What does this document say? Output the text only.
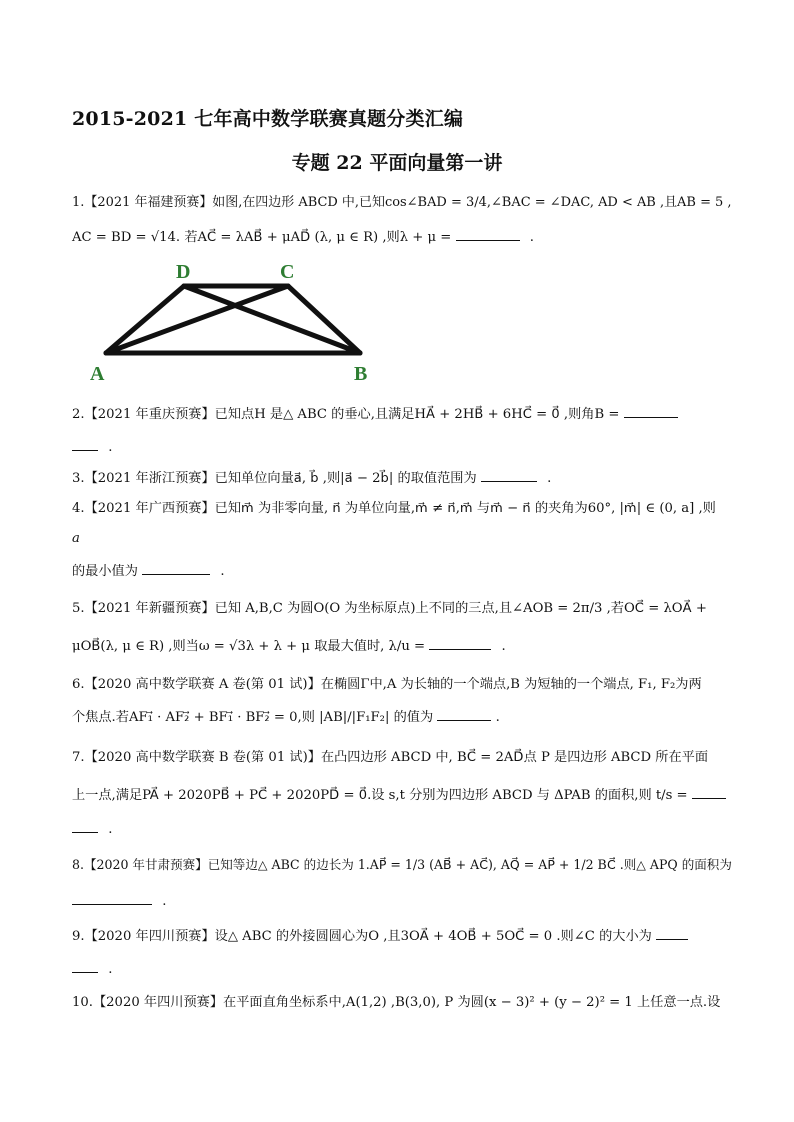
2015-2021 七年高中数学联赛真题分类汇编
专题 22 平面向量第一讲
1.【2021 年福建预赛】如图,在四边形 ABCD 中,已知cos∠BAD = 3/4,∠BAC = ∠DAC, AD < AB ,且AB = 5 ,
AC = BD = √14. 若AC⃗ = λAB⃗ + μAD⃗ (λ, μ ∈ R) ,则λ + μ =	.
D	C
A	B
2.【2021 年重庆预赛】已知点H 是△ ABC 的垂心,且满足HA⃗ + 2HB⃗ + 6HC⃗ = 0⃗ ,则角B =
.
3.【2021 年浙江预赛】已知单位向量a⃗, b⃗ ,则|a⃗ − 2b⃗| 的取值范围为	.
4.【2021 年广西预赛】已知m⃗ 为非零向量, n⃗ 为单位向量,m⃗ ≠ n⃗,m⃗ 与m⃗ − n⃗ 的夹角为60°, |m⃗| ∈ (0, a] ,则
a
的最小值为	.
5.【2021 年新疆预赛】已知 A,B,C 为圆O(O 为坐标原点)上不同的三点,且∠AOB = 2π/3 ,若OC⃗ = λOA⃗ +
μOB⃗(λ, μ ∈ R) ,则当ω = √3λ + λ + μ 取最大值时, λ/u =	.
6.【2020 高中数学联赛 A 卷(第 01 试)】在椭圆Γ中,A 为长轴的一个端点,B 为短轴的一个端点, F₁, F₂为两
个焦点.若AF₁⃗ · AF₂⃗ + BF₁⃗ · BF₂⃗ = 0,则 |AB|/|F₁F₂| 的值为	.
7.【2020 高中数学联赛 B 卷(第 01 试)】在凸四边形 ABCD 中, BC⃗ = 2AD⃗点 P 是四边形 ABCD 所在平面
上一点,满足PA⃗ + 2020PB⃗ + PC⃗ + 2020PD⃗ = 0⃗.设 s,t 分别为四边形 ABCD 与 ΔPAB 的面积,则 t/s =
.
8.【2020 年甘肃预赛】已知等边△ ABC 的边长为 1.AP⃗ = 1/3 (AB⃗ + AC⃗), AQ⃗ = AP⃗ + 1/2 BC⃗ .则△ APQ 的面积为
.
9.【2020 年四川预赛】设△ ABC 的外接圆圆心为O ,且3OA⃗ + 4OB⃗ + 5OC⃗ = 0 .则∠C 的大小为
.
10.【2020 年四川预赛】在平面直角坐标系中,A(1,2) ,B(3,0), P 为圆(x − 3)² + (y − 2)² = 1 上任意一点.设
